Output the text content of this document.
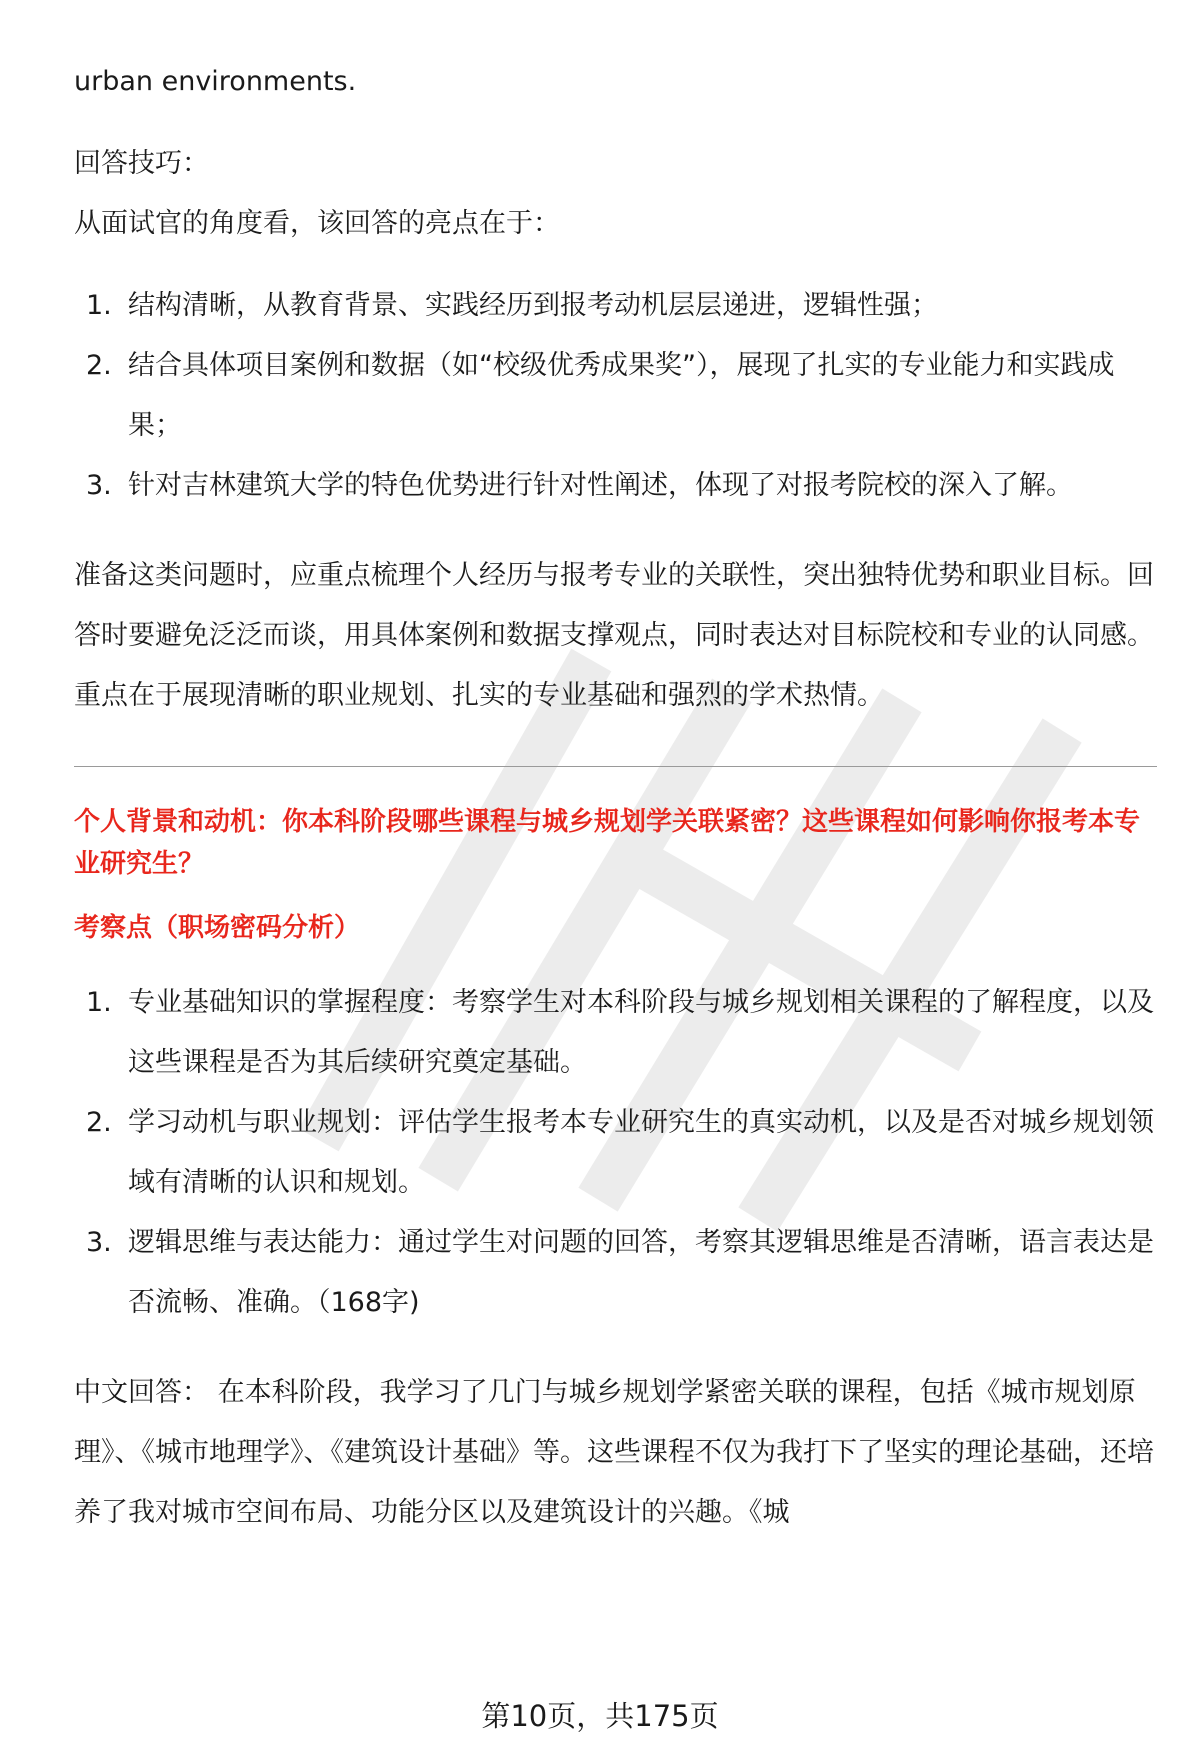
urban environments.

回答技巧：

从面试官的角度看，该回答的亮点在于：

1. 结构清晰，从教育背景、实践经历到报考动机层层递进，逻辑性强；
2. 结合具体项目案例和数据（如“校级优秀成果奖”），展现了扎实的专业能力和实践成果；
3. 针对吉林建筑大学的特色优势进行针对性阐述，体现了对报考院校的深入了解。

准备这类问题时，应重点梳理个人经历与报考专业的关联性，突出独特优势和职业目标。回答时要避免泛泛而谈，用具体案例和数据支撑观点，同时表达对目标院校和专业的认同感。重点在于展现清晰的职业规划、扎实的专业基础和强烈的学术热情。

个人背景和动机：你本科阶段哪些课程与城乡规划学关联紧密？这些课程如何影响你报考本专业研究生？

考察点（职场密码分析）

1. 专业基础知识的掌握程度：考察学生对本科阶段与城乡规划相关课程的了解程度，以及这些课程是否为其后续研究奠定基础。
2. 学习动机与职业规划：评估学生报考本专业研究生的真实动机，以及是否对城乡规划领域有清晰的认识和规划。
3. 逻辑思维与表达能力：通过学生对问题的回答，考察其逻辑思维是否清晰，语言表达是否流畅、准确。（168字)

中文回答： 在本科阶段，我学习了几门与城乡规划学紧密关联的课程，包括《城市规划原理》、《城市地理学》、《建筑设计基础》等。这些课程不仅为我打下了坚实的理论基础，还培养了我对城市空间布局、功能分区以及建筑设计的兴趣。《城

第10页，共175页
